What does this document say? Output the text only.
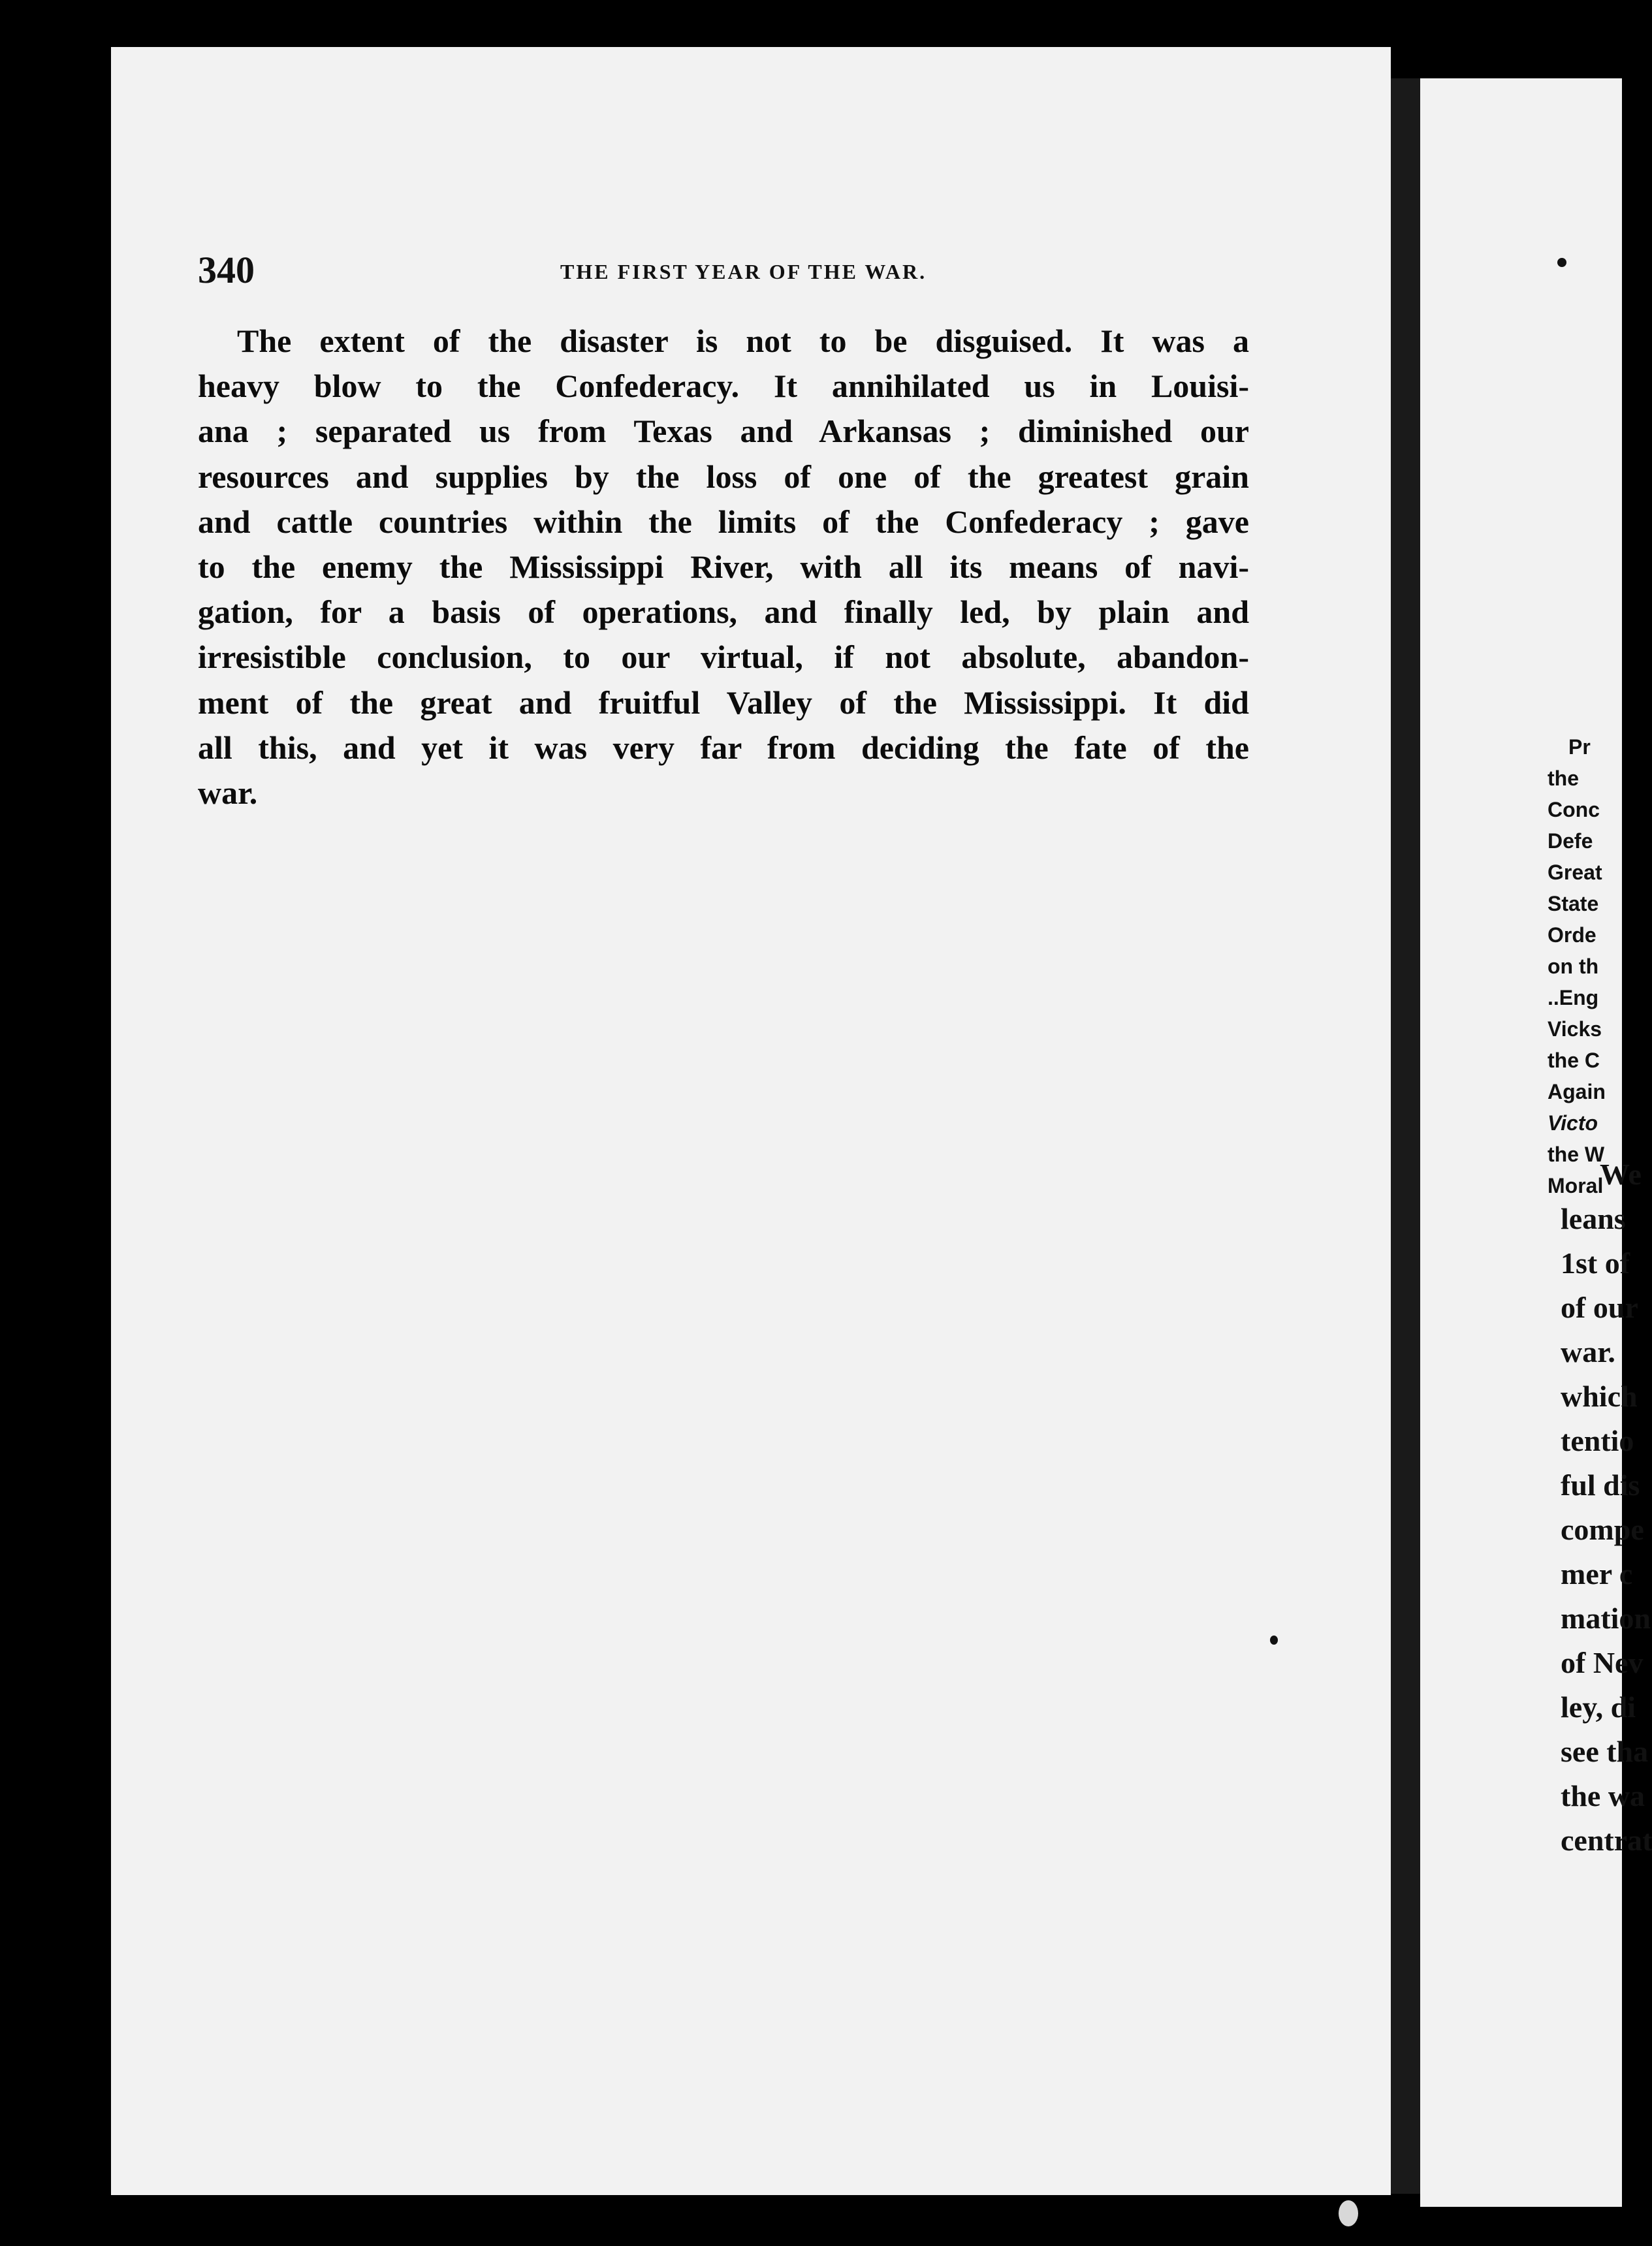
340	THE FIRST YEAR OF THE WAR.
The extent of the disaster is not to be disguised. It was a
heavy blow to the Confederacy. It annihilated us in Louisi-
ana ; separated us from Texas and Arkansas ; diminished our
resources and supplies by the loss of one of the greatest grain
and cattle countries within the limits of the Confederacy ; gave
to the enemy the Mississippi River, with all its means of navi-
gation, for a basis of operations, and finally led, by plain and
irresistible conclusion, to our virtual, if not absolute, abandon-
ment of the great and fruitful Valley of the Mississippi. It did
all this, and yet it was very far from deciding the fate of the
war.
Pr
the
Conc
Defe
Great
State
Orde
on th
..Eng
Vicks
the C
Again
Victo
the W
Moral
We
leans
1st of
of our
war.
which
tentio
ful dis
compe
mer c
mation
of Nev
ley, di
see tha
the wa
centrat
